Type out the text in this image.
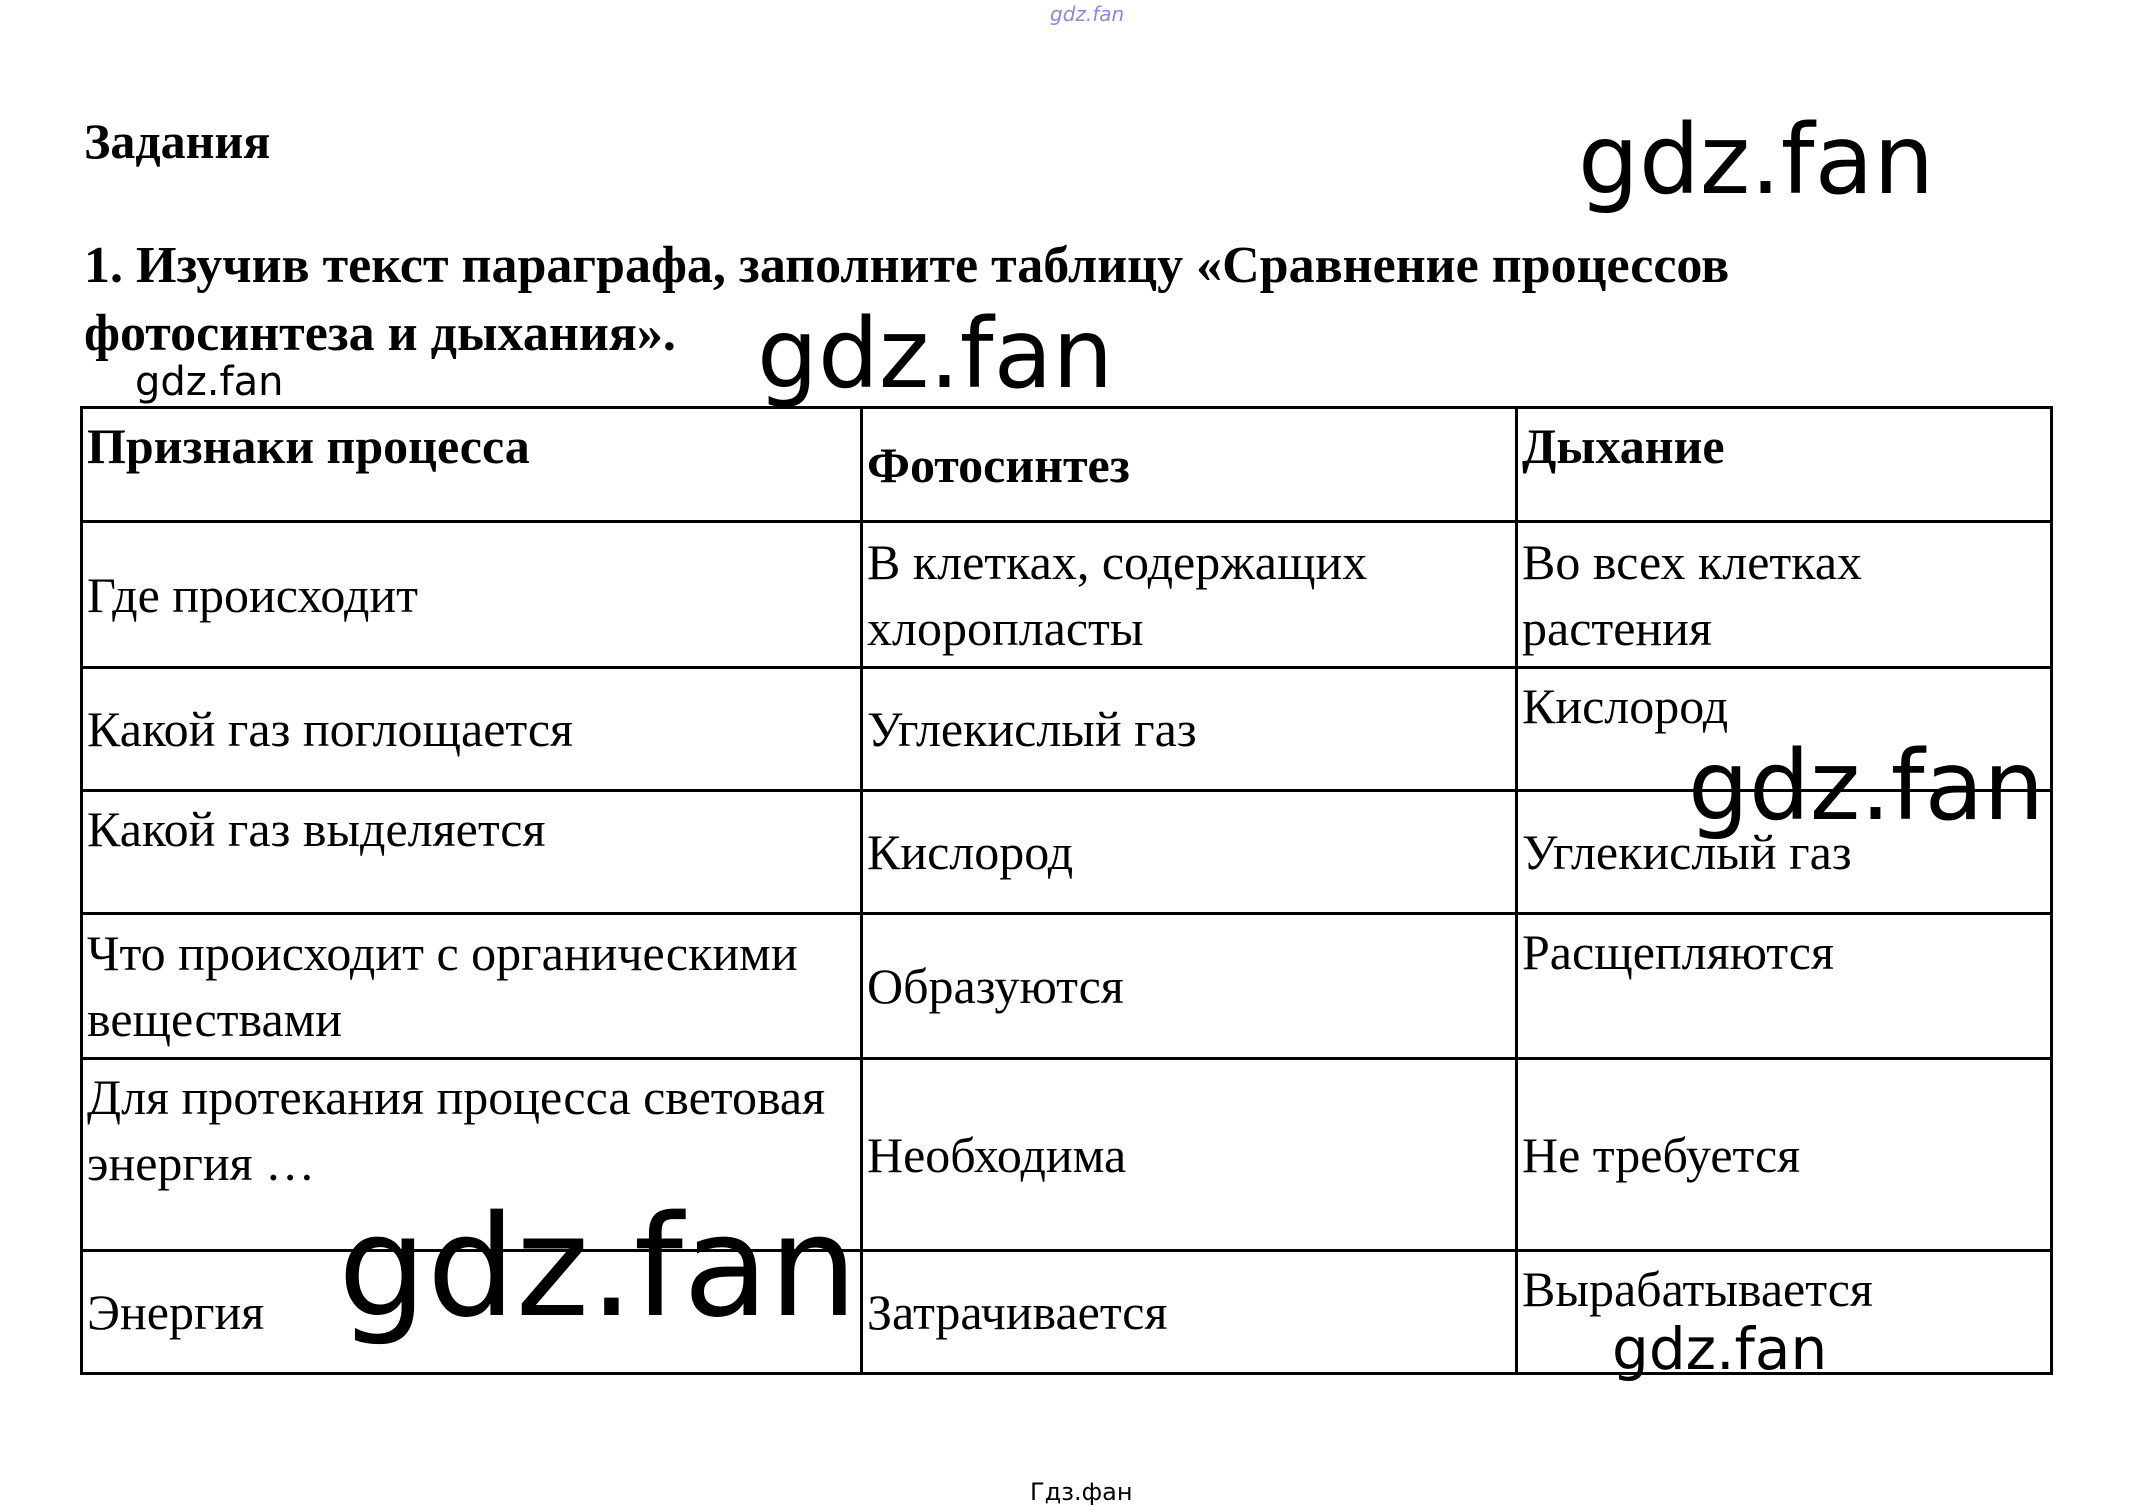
gdz.fan
Задания
1. Изучив текст параграфа, заполните таблицу «Сравнение процессов фотосинтеза и дыхания».
Признаки процесса	Фотосинтез	Дыхание
Где происходит	В клетках, содержащих хлоропласты	Во всех клетках растения
Какой газ поглощается	Углекислый газ	Кислород
Какой газ выделяется	Кислород	Углекислый газ
Что происходит с органическими веществами	Образуются	Расщепляются
Для протекания процесса световая энергия …	Необходима	Не требуется
Энергия	Затрачивается	Вырабатывается
gdz.fan
gdz.fan
gdz.fan
gdz.fan
gdz.fan	gdz.fan
Гдз.фан
